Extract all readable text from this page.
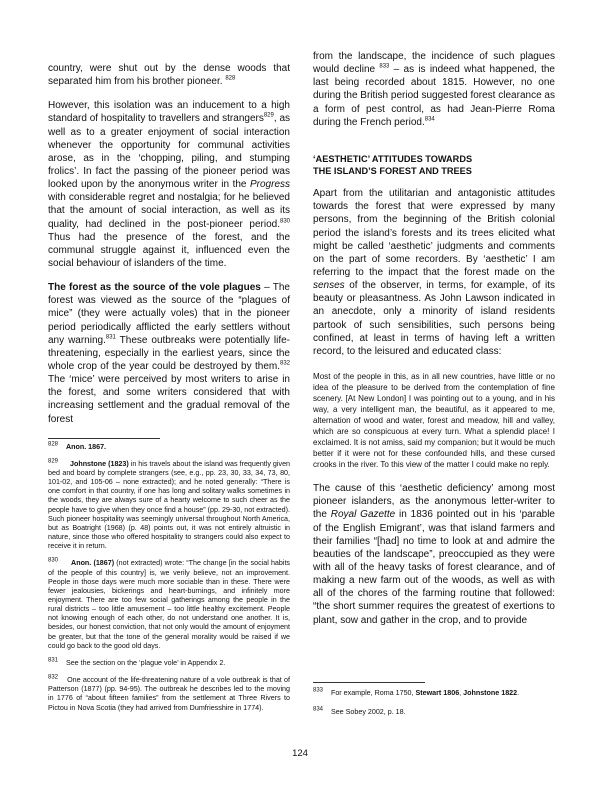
country, were shut out by the dense woods that separated him from his brother pioneer. $^{828}$

However, this isolation was an inducement to a high standard of hospitality to travellers and strangers$^{829}$, as well as to a greater enjoyment of social interaction whenever the opportunity for communal activities arose, as in the ‘chopping, piling, and stumping frolics’. In fact the passing of the pioneer period was looked upon by the anonymous writer in the Progress with considerable regret and nostalgia; for he believed that the amount of social interaction, as well as its quality, had declined in the post-pioneer period.$^{830}$ Thus had the presence of the forest, and the communal struggle against it, influenced even the social behaviour of islanders of the time.

The forest as the source of the vole plagues – The forest was viewed as the source of the “plagues of mice” (they were actually voles) that in the pioneer period periodically afflicted the early settlers without any warning.$^{831}$ These outbreaks were potentially life-threatening, especially in the earliest years, since the whole crop of the year could be destroyed by them.$^{832}$ The ‘mice’ were perceived by most writers to arise in the forest, and some writers considered that with increasing settlement and the gradual removal of the forest

$^{828}$ Anon. 1867.

$^{829}$ Johnstone (1823) in his travels about the island was frequently given bed and board by complete strangers (see, e.g., pp. 23, 30, 33, 34, 73, 80, 101-02, and 105-06 – none extracted); and he noted generally: “There is one comfort in that country, if one has long and solitary walks sometimes in the woods, they are always sure of a hearty welcome to such cheer as the people have to give when they once find a house” (pp. 29-30, not extracted). Such pioneer hospitality was seemingly universal throughout North America, but as Boatright (1968) (p. 48) points out, it was not entirely altruistic in nature, since those who offered hospitality to strangers could also expect to receive it in return.

$^{830}$ Anon. (1867) (not extracted) wrote: “The change [in the social habits of the people of this country] is, we verily believe, not an improvement. People in those days were much more sociable than in these. There were fewer jealousies, bickerings and heart-burnings, and infinitely more enjoyment. There are too few social gatherings among the people in the rural districts – too little amusement – too little healthy excitement. People not knowing enough of each other, do not understand one another. It is, besides, our honest conviction, that not only would the amount of enjoyment be greater, but that the tone of the general morality would be raised if we could go back to the good old days.

$^{831}$ See the section on the ‘plague vole’ in Appendix 2.

$^{832}$ One account of the life-threatening nature of a vole outbreak is that of Patterson (1877) (pp. 94-95). The outbreak he describes led to the moving in 1776 of “about fifteen families” from the settlement at Three Rivers to Pictou in Nova Scotia (they had arrived from Dumfriesshire in 1774).

from the landscape, the incidence of such plagues would decline $^{833}$ – as is indeed what happened, the last being recorded about 1815. However, no one during the British period suggested forest clearance as a form of pest control, as had Jean-Pierre Roma during the French period.$^{834}$

‘AESTHETIC’ ATTITUDES TOWARDS
THE ISLAND’S FOREST AND TREES

Apart from the utilitarian and antagonistic attitudes towards the forest that were expressed by many persons, from the beginning of the British colonial period the island’s forests and its trees elicited what might be called ‘aesthetic’ judgments and comments on the part of some recorders. By ‘aesthetic’ I am referring to the impact that the forest made on the senses of the observer, in terms, for example, of its beauty or pleasantness. As John Lawson indicated in an anecdote, only a minority of island residents partook of such sensibilities, such persons being confined, at least in terms of having left a written record, to the leisured and educated class:

Most of the people in this, as in all new countries, have little or no idea of the pleasure to be derived from the contemplation of fine scenery. [At New London] I was pointing out to a young, and in his way, a very intelligent man, the beautiful, as it appeared to me, alternation of wood and water, forest and meadow, hill and valley, which are so conspicuous at every turn. What a splendid place! I exclaimed. It is not amiss, said my companion; but it would be much better if it were not for these confounded hills, and these cursed crooks in the river. To this view of the matter I could make no reply.

The cause of this ‘aesthetic deficiency’ among most pioneer islanders, as the anonymous letter-writer to the Royal Gazette in 1836 pointed out in his ‘parable of the English Emigrant’, was that island farmers and their families “[had] no time to look at and admire the beauties of the landscape”, preoccupied as they were with all of the heavy tasks of forest clearance, and of making a new farm out of the woods, as well as with all of the chores of the farming routine that followed: “the short summer requires the greatest of exertions to plant, sow and gather in the crop, and to provide

$^{833}$ For example, Roma 1750, Stewart 1806, Johnstone 1822.

$^{834}$ See Sobey 2002, p. 18.

124
